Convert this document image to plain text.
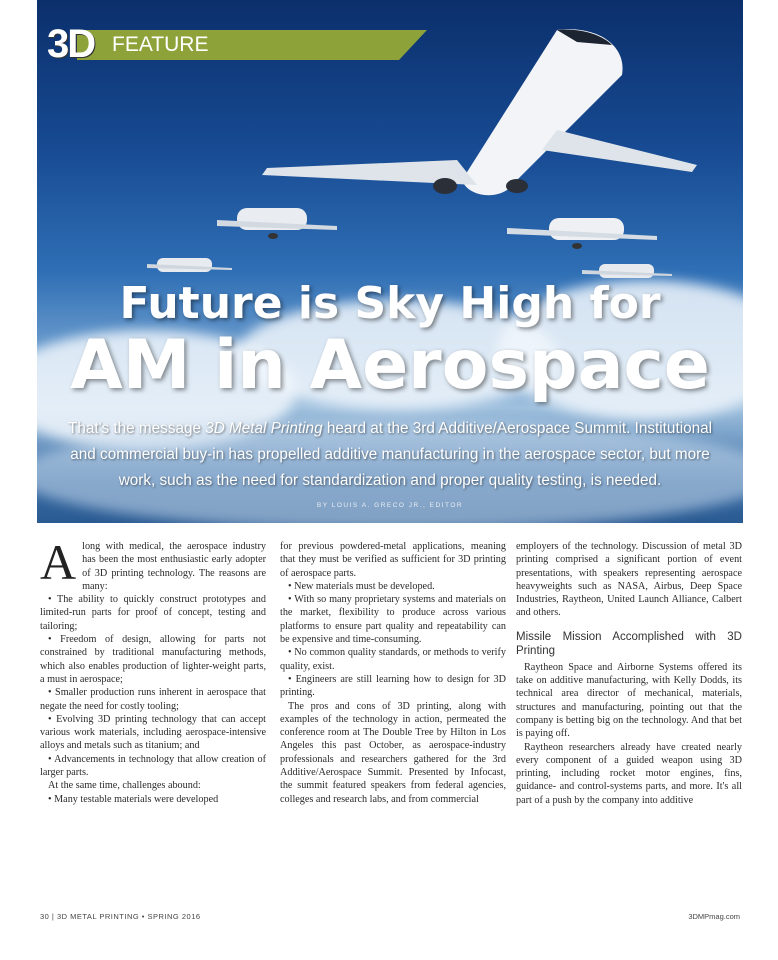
3D FEATURE
Future is Sky High for
AM in Aerospace
That's the message 3D Metal Printing heard at the 3rd Additive/Aerospace Summit. Institutional and commercial buy-in has propelled additive manufacturing in the aerospace sector, but more work, such as the need for standardization and proper quality testing, is needed.
BY LOUIS A. GRECO JR., EDITOR

Along with medical, the aerospace industry has been the most enthusiastic early adopter of 3D printing technology. The reasons are many:

• The ability to quickly construct prototypes and limited-run parts for proof of concept, testing and tailoring;

• Freedom of design, allowing for parts not constrained by traditional manufacturing methods, which also enables production of lighter-weight parts, a must in aerospace;

• Smaller production runs inherent in aerospace that negate the need for costly tooling;

• Evolving 3D printing technology that can accept various work materials, including aerospace-intensive alloys and metals such as titanium; and

• Advancements in technology that allow creation of larger parts.

At the same time, challenges abound:

• Many testable materials were developed

for previous powdered-metal applications, meaning that they must be verified as sufficient for 3D printing of aerospace parts.

• New materials must be developed.

• With so many proprietary systems and materials on the market, flexibility to produce across various platforms to ensure part quality and repeatability can be expensive and time-consuming.

• No common quality standards, or methods to verify quality, exist.

• Engineers are still learning how to design for 3D printing.

The pros and cons of 3D printing, along with examples of the technology in action, permeated the conference room at The Double Tree by Hilton in Los Angeles this past October, as aerospace-industry professionals and researchers gathered for the 3rd Additive/Aerospace Summit. Presented by Infocast, the summit featured speakers from federal agencies, colleges and research labs, and from commercial

employers of the technology. Discussion of metal 3D printing comprised a significant portion of event presentations, with speakers representing aerospace heavyweights such as NASA, Airbus, Deep Space Industries, Raytheon, United Launch Alliance, Calbert and others.

Missile Mission Accomplished with 3D Printing

Raytheon Space and Airborne Systems offered its take on additive manufacturing, with Kelly Dodds, its technical area director of mechanical, materials, structures and manufacturing, pointing out that the company is betting big on the technology. And that bet is paying off.

Raytheon researchers already have created nearly every component of a guided weapon using 3D printing, including rocket motor engines, fins, guidance- and control-systems parts, and more. It's all part of a push by the company into additive

30 | 3D METAL PRINTING • SPRING 2016	3DMPmag.com
